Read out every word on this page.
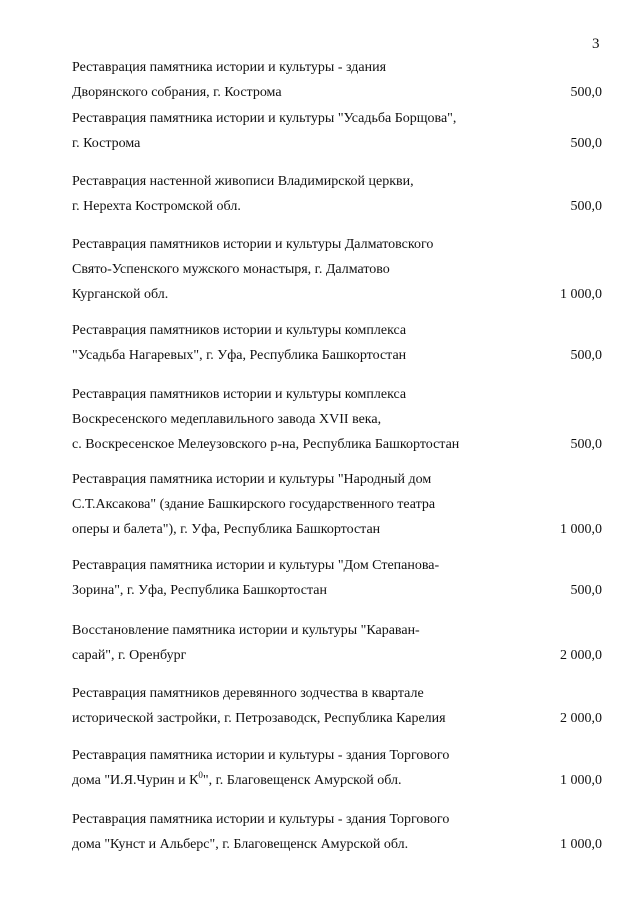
3
Реставрация памятника истории и культуры - здания
Дворянского собрания, г. Кострома	500,0
Реставрация памятника истории и культуры "Усадьба Борщова",
г. Кострома	500,0
Реставрация настенной живописи Владимирской церкви,
г. Нерехта Костромской обл.	500,0
Реставрация памятников истории и культуры Далматовского
Свято-Успенского мужского монастыря, г. Далматово
Курганской обл.	1 000,0
Реставрация памятников истории и культуры комплекса
"Усадьба Нагаревых", г. Уфа, Республика Башкортостан	500,0
Реставрация памятников истории и культуры комплекса
Воскресенского медеплавильного завода XVII века,
с. Воскресенское Мелеузовского р-на, Республика Башкортостан	500,0
Реставрация памятника истории и культуры "Народный дом
С.Т.Аксакова" (здание Башкирского государственного театра
оперы и балета"), г. Уфа, Республика Башкортостан	1 000,0
Реставрация памятника истории и культуры "Дом Степанова-
Зорина", г. Уфа, Республика Башкортостан	500,0
Восстановление памятника истории и культуры "Караван-
сарай", г. Оренбург	2 000,0
Реставрация памятников деревянного зодчества в квартале
исторической застройки, г. Петрозаводск, Республика Карелия	2 000,0
Реставрация памятника истории и культуры - здания Торгового
дома "И.Я.Чурин и $К^0$", г. Благовещенск Амурской обл.	1 000,0
Реставрация памятника истории и культуры - здания Торгового
дома "Кунст и Альберс", г. Благовещенск Амурской обл.	1 000,0
